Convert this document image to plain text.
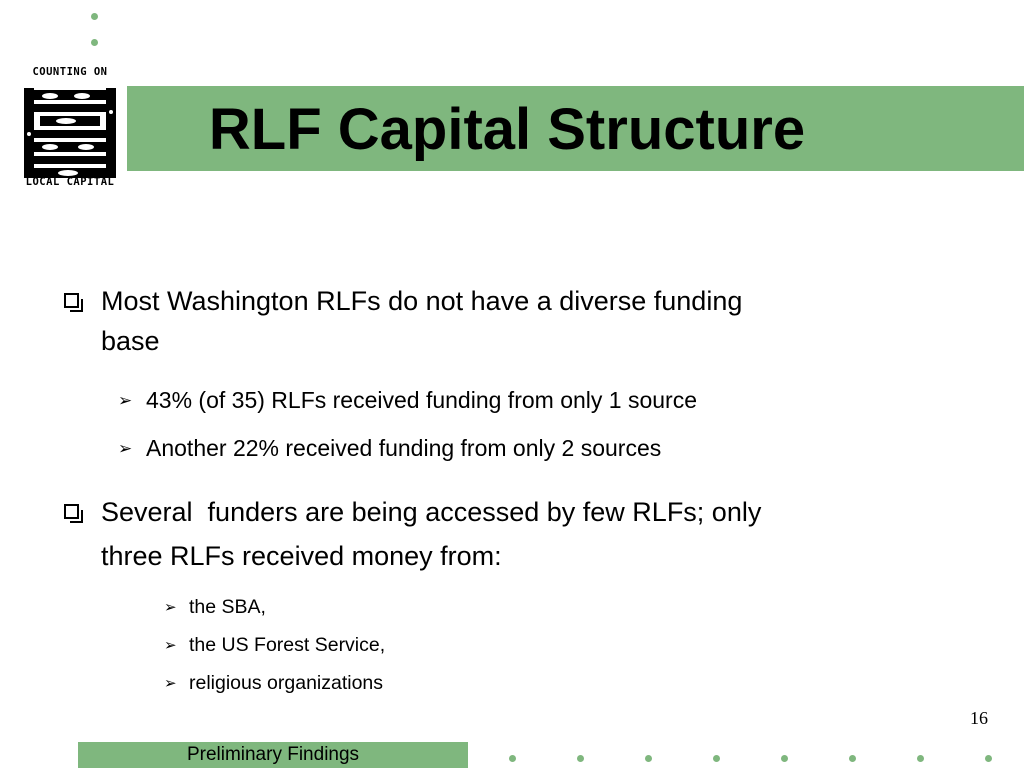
RLF Capital Structure
COUNTING ON
LOCAL CAPITAL
Most Washington RLFs do not have a diverse funding
base
➢ 43% (of 35) RLFs received funding from only 1 source
➢ Another 22% received funding from only 2 sources
Several  funders are being accessed by few RLFs; only
three RLFs received money from:
➢ the SBA,
➢ the US Forest Service,
➢ religious organizations
16
Preliminary Findings
